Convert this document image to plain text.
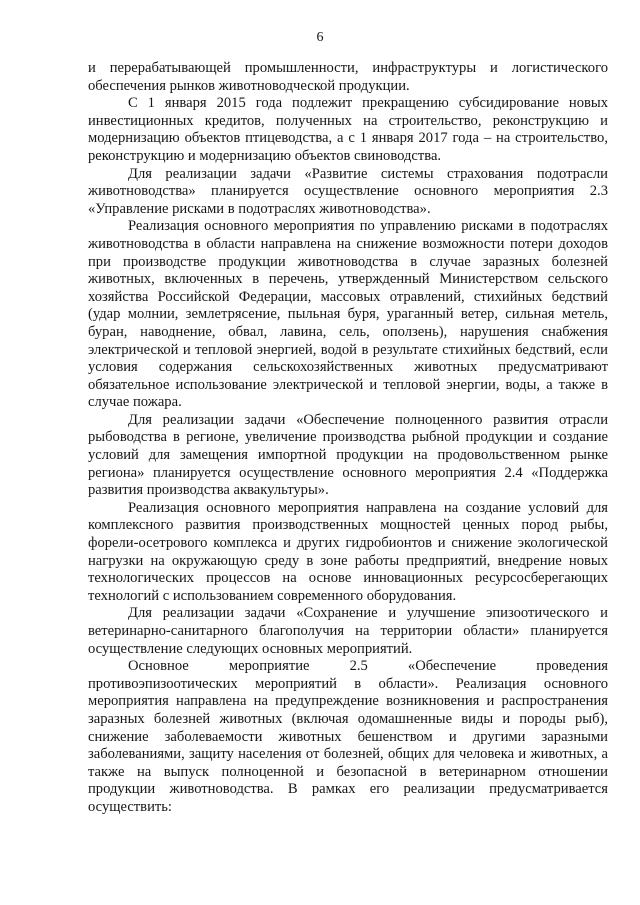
6

и перерабатывающей промышленности, инфраструктуры и логистического обеспечения рынков животноводческой продукции.

С 1 января 2015 года подлежит прекращению субсидирование новых инвестиционных кредитов, полученных на строительство, реконструкцию и модернизацию объектов птицеводства, а с 1 января 2017 года – на строительство, реконструкцию и модернизацию объектов свиноводства.

Для реализации задачи «Развитие системы страхования подотрасли животноводства» планируется осуществление основного мероприятия 2.3 «Управление рисками в подотраслях животноводства».

Реализация основного мероприятия по управлению рисками в подотраслях животноводства в области направлена на снижение возможности потери доходов при производстве продукции животноводства в случае заразных болезней животных, включенных в перечень, утвержденный Министерством сельского хозяйства Российской Федерации, массовых отравлений, стихийных бедствий (удар молнии, землетрясение, пыльная буря, ураганный ветер, сильная метель, буран, наводнение, обвал, лавина, сель, оползень), нарушения снабжения электрической и тепловой энергией, водой в результате стихийных бедствий, если условия содержания сельскохозяйственных животных предусматривают обязательное использование электрической и тепловой энергии, воды, а также в случае пожара.

Для реализации задачи «Обеспечение полноценного развития отрасли рыбоводства в регионе, увеличение производства рыбной продукции и создание условий для замещения импортной продукции на продовольственном рынке региона» планируется осуществление основного мероприятия 2.4 «Поддержка развития производства аквакультуры».

Реализация основного мероприятия направлена на создание условий для комплексного развития производственных мощностей ценных пород рыбы, форели-осетрового комплекса и других гидробионтов и снижение экологической нагрузки на окружающую среду в зоне работы предприятий, внедрение новых технологических процессов на основе инновационных ресурсосберегающих технологий с использованием современного оборудования.

Для реализации задачи «Сохранение и улучшение эпизоотического и ветеринарно-санитарного благополучия на территории области» планируется осуществление следующих основных мероприятий.

Основное мероприятие 2.5 «Обеспечение проведения противоэпизоотических мероприятий в области». Реализация основного мероприятия направлена на предупреждение возникновения и распространения заразных болезней животных (включая одомашненные виды и породы рыб), снижение заболеваемости животных бешенством и другими заразными заболеваниями, защиту населения от болезней, общих для человека и животных, а также на выпуск полноценной и безопасной в ветеринарном отношении продукции животноводства. В рамках его реализации предусматривается осуществить:
